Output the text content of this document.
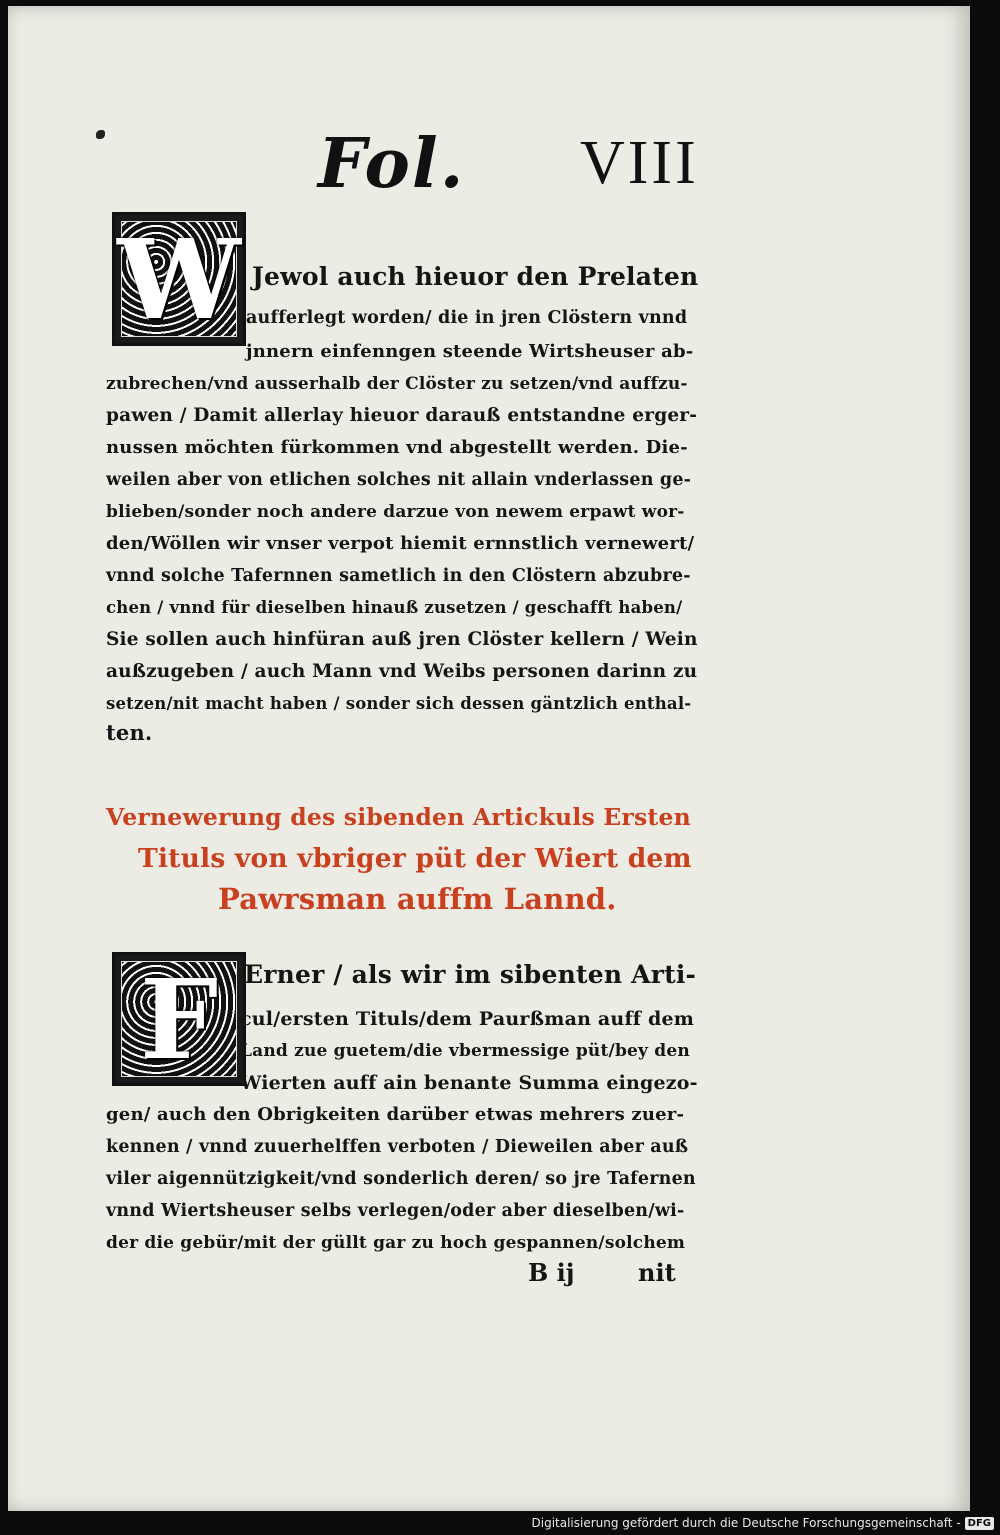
Fol. VIII
W Jewol auch hieuor den Prelaten
aufferlegt worden/ die in jren Clöstern vnnd
jnnern einfenngen steende Wirtsheuser ab-
zubrechen/vnd ausserhalb der Clöster zu setzen/vnd auffzu-
pawen / Damit allerlay hieuor darauß entstandne erger-
nussen möchten fürkommen vnd abgestellt werden. Die-
weilen aber von etlichen solches nit allain vnderlassen ge-
blieben/sonder noch andere darzue von newem erpawt wor-
den/Wöllen wir vnser verpot hiemit ernnstlich vernewert/
vnnd solche Tafernnen sametlich in den Clöstern abzubre-
chen / vnnd für dieselben hinauß zusetzen / geschafft haben/
Sie sollen auch hinfüran auß jren Clöster kellern / Wein
außzugeben / auch Mann vnd Weibs personen darinn zu
setzen/nit macht haben / sonder sich dessen gäntzlich enthal-
ten.
Vernewerung des sibenden Artickuls Ersten
Tituls von vbriger püt der Wiert dem
Pawrsman auffm Lannd.
F	Erner / als wir im sibenten Arti-
cul/ersten Tituls/dem Paurßman auff dem
Land zue guetem/die vbermessige püt/bey den
Wierten auff ain benante Summa eingezo-
gen/ auch den Obrigkeiten darüber etwas mehrers zuer-
kennen / vnnd zuuerhelffen verboten / Dieweilen aber auß
viler aigennützigkeit/vnd sonderlich deren/ so jre Tafernen
vnnd Wiertsheuser selbs verlegen/oder aber dieselben/wi-
der die gebür/mit der güllt gar zu hoch gespannen/solchem
B ij	nit
Digitalisierung gefördert durch die Deutsche Forschungsgemeinschaft - DFG
